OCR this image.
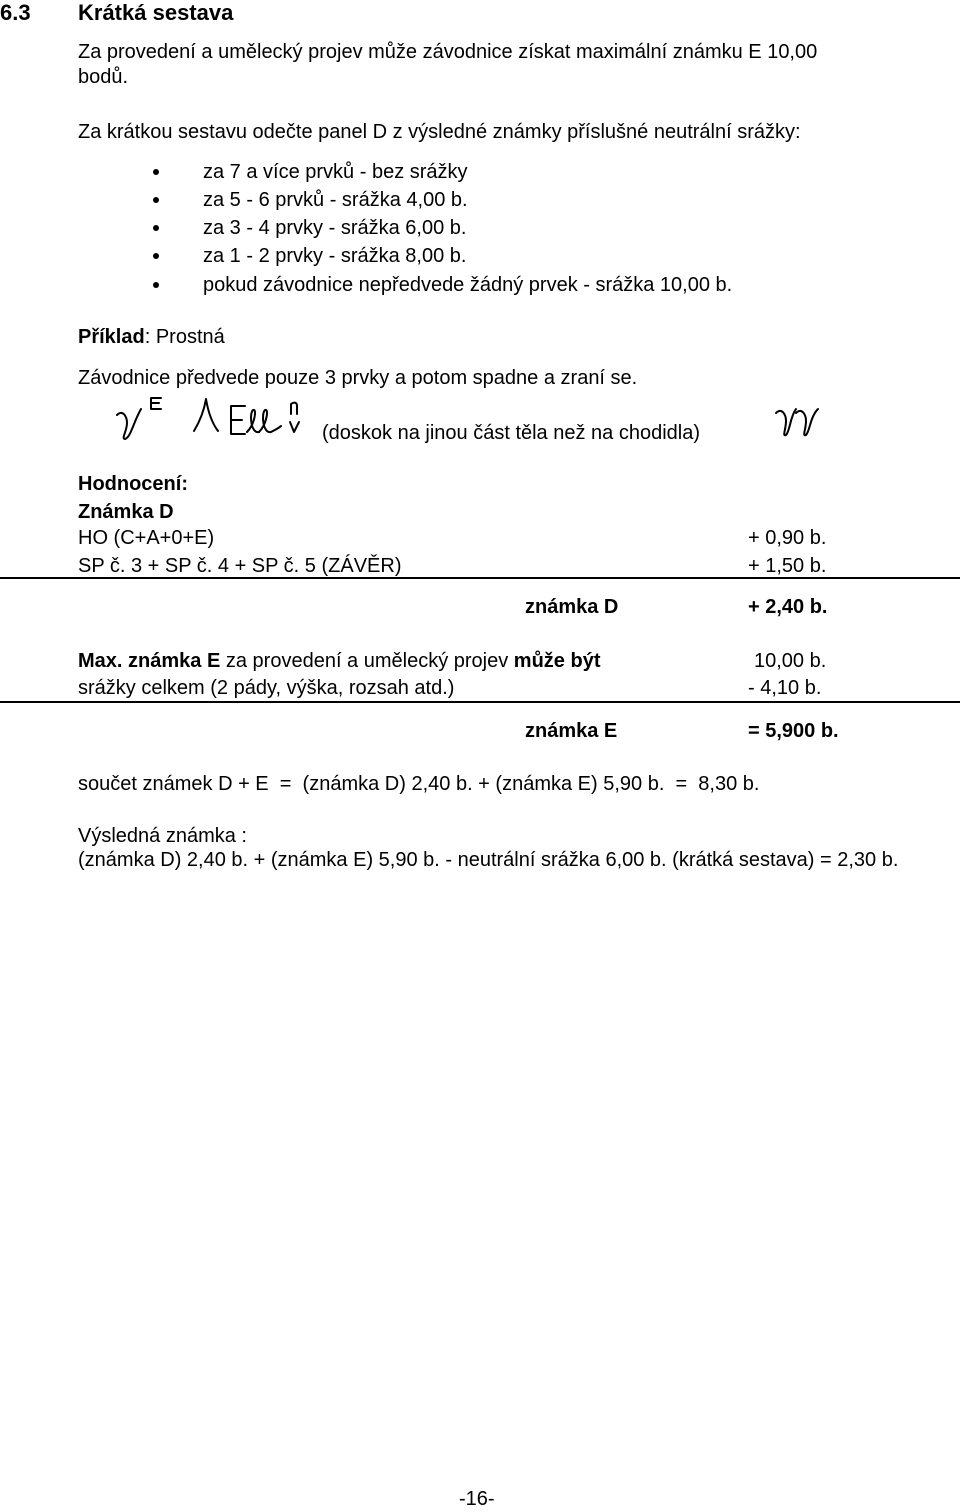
6.3 Krátká sestava
Za provedení a umělecký projev může závodnice získat maximální známku E 10,00
bodů.
Za krátkou sestavu odečte panel D z výsledné známky příslušné neutrální srážky:
za 7 a více prvků - bez srážky
za 5 - 6 prvků - srážka 4,00 b.
za 3 - 4 prvky - srážka 6,00 b.
za 1 - 2 prvky - srážka 8,00 b.
pokud závodnice nepředvede žádný prvek - srážka 10,00 b.
Příklad: Prostná
Závodnice předvede pouze 3 prvky a potom spadne a zraní se.
(doskok na jinou část těla než na chodidla)
Hodnocení:
Známka D
HO (C+A+0+E)	+ 0,90 b.
SP č. 3 + SP č. 4 + SP č. 5 (ZÁVĚR)	+ 1,50 b.
známka D	+ 2,40 b.
Max. známka E za provedení a umělecký projev může být	10,00 b.
srážky celkem (2 pády, výška, rozsah atd.)	- 4,10 b.
známka E	= 5,900 b.
součet známek D + E  =  (známka D) 2,40 b. + (známka E) 5,90 b.  =  8,30 b.
Výsledná známka :
(známka D) 2,40 b. + (známka E) 5,90 b. - neutrální srážka 6,00 b. (krátká sestava) = 2,30 b.
-16-
